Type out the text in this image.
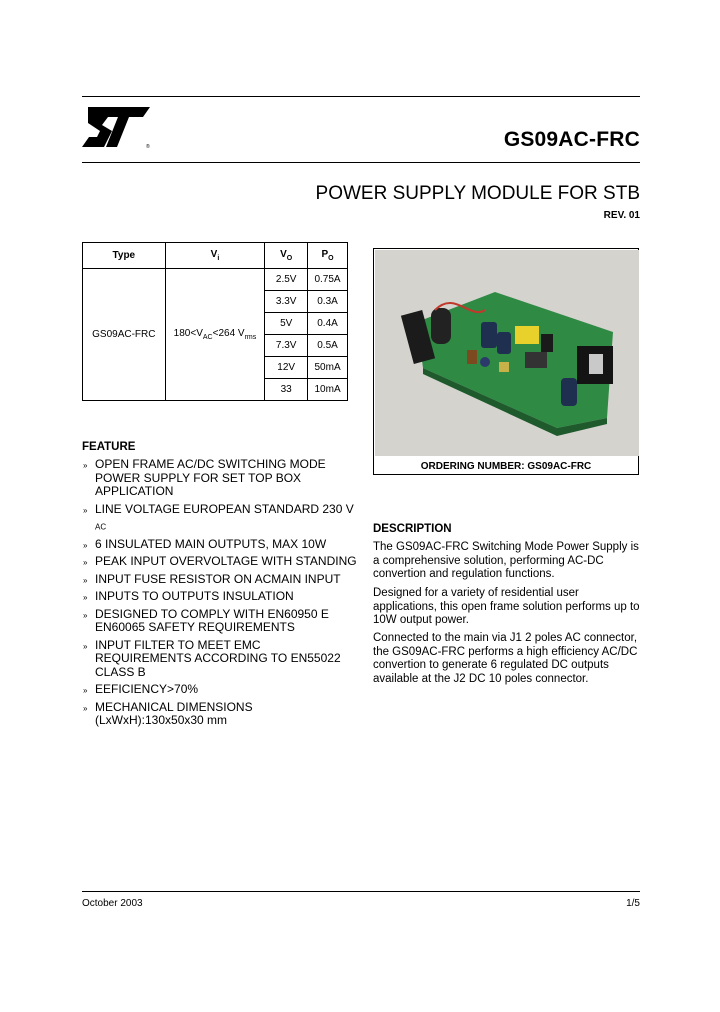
®	GS09AC-FRC
POWER SUPPLY MODULE FOR STB
REV. 01
Type	$V_i$	$V_O$	$P_O$
GS09AC-FRC	$180<V_{AC}<264$ $V_{rms}$	2.5V	0.75A
		3.3V	0.3A
		5V	0.4A
		7.3V	0.5A
		12V	50mA
		33	10mA
ORDERING NUMBER: GS09AC-FRC
FEATURE
» OPEN FRAME AC/DC SWITCHING MODE POWER SUPPLY FOR SET TOP BOX APPLICATION
» LINE VOLTAGE EUROPEAN STANDARD 230 V
$_{AC}$
» 6 INSULATED MAIN OUTPUTS, MAX 10W
» PEAK INPUT OVERVOLTAGE WITH STANDING
» INPUT FUSE RESISTOR ON ACMAIN INPUT
» INPUTS TO OUTPUTS INSULATION
» DESIGNED TO COMPLY WITH EN60950 E EN60065 SAFETY REQUIREMENTS
» INPUT FILTER TO MEET EMC REQUIREMENTS ACCORDING TO EN55022 CLASS B
» EEFICIENCY>70%
» MECHANICAL DIMENSIONS (LxWxH):130x50x30 mm
DESCRIPTION

The GS09AC-FRC Switching Mode Power Supply is a comprehensive solution, performing AC-DC convertion and regulation functions.

Designed for a variety of residential user applications, this open frame solution performs up to 10W output power.

Connected to the main via J1 2 poles AC connector, the GS09AC-FRC performs a high efficiency AC/DC convertion to generate 6 regulated DC outputs available at the J2 DC 10 poles connector.

October 2003	1/5
